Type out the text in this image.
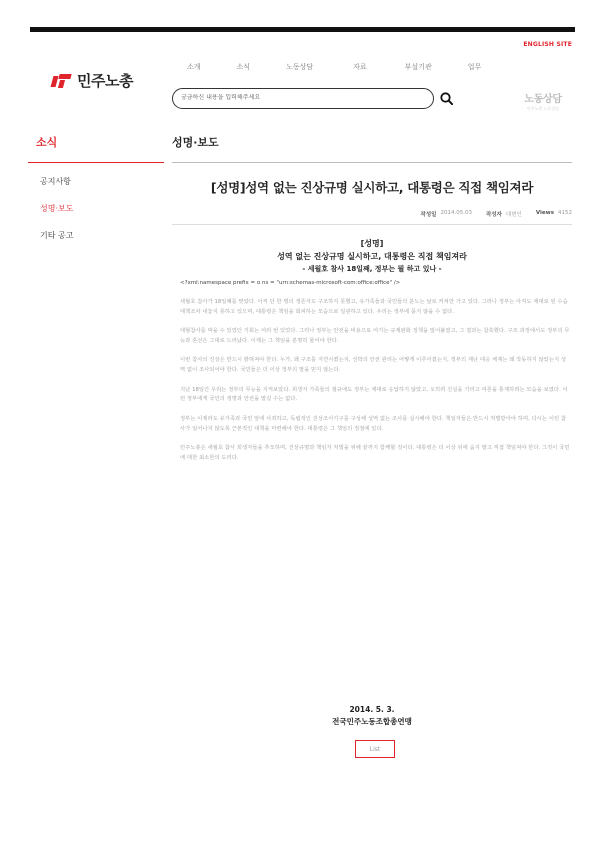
ENGLISH SITE
민주노총
소개	소식	노동상담	자료	부설기관	업무
궁금하신 내용을 입력해주세요
노동상담
민주노총 노동상담
소식
공지사항
성명·보도
기타 공고
성명·보도
[성명]성역 없는 진상규명 실시하고, 대통령은 직접 책임져라
작성일 2014.05.03	작성자 대변인	Views 4152
[성명]
성역 없는 진상규명 실시하고, 대통령은 직접 책임져라
- 세월호 참사 18일째, 정부는 뭘 하고 있나 -
<?xml:namespace prefix = o ns = "urn:schemas-microsoft-com:office:office" />

세월호 참사가 18일째를 맞았다. 아직 단 한 명의 생존자도 구조하지 못했고, 유가족들과 국민들의 분노는 날로 커져만 가고 있다. 그러나 정부는 아직도 제대로 된 수습 대책조차 내놓지 못하고 있으며, 대통령은 책임을 회피하는 모습으로 일관하고 있다. 우리는 정부에 묻지 않을 수 없다.

대형참사를 막을 수 있었던 기회는 여러 번 있었다. 그러나 정부는 안전을 비용으로 여기는 규제완화 정책을 밀어붙였고, 그 결과는 참혹했다. 구조 과정에서도 정부의 무능과 혼선은 그대로 드러났다. 이제는 그 책임을 분명히 물어야 한다.

이번 참사의 진상은 반드시 밝혀져야 한다. 누가, 왜 구조를 지연시켰는지, 선박의 안전 관리는 어떻게 이루어졌는지, 정부의 재난 대응 체계는 왜 작동하지 않았는지 성역 없이 조사되어야 한다. 국민들은 더 이상 정부의 말을 믿지 않는다.

지난 18일간 우리는 정부의 무능을 지켜보았다. 희생자 가족들의 절규에도 정부는 제대로 응답하지 않았고, 오히려 진실을 가리고 여론을 통제하려는 모습을 보였다. 이런 정부에게 국민의 생명과 안전을 맡길 수는 없다.

정부는 이제라도 유가족과 국민 앞에 사죄하고, 독립적인 진상조사기구를 구성해 성역 없는 조사를 실시해야 한다. 책임자들은 반드시 처벌받아야 하며, 다시는 이런 참사가 일어나지 않도록 근본적인 대책을 마련해야 한다. 대통령은 그 책임의 정점에 있다.

민주노총은 세월호 참사 희생자들을 추모하며, 진상규명과 책임자 처벌을 위해 끝까지 함께할 것이다. 대통령은 더 이상 뒤에 숨지 말고 직접 책임져야 한다. 그것이 국민에 대한 최소한의 도리다.

2014. 5. 3.
전국민주노동조합총연맹
List
